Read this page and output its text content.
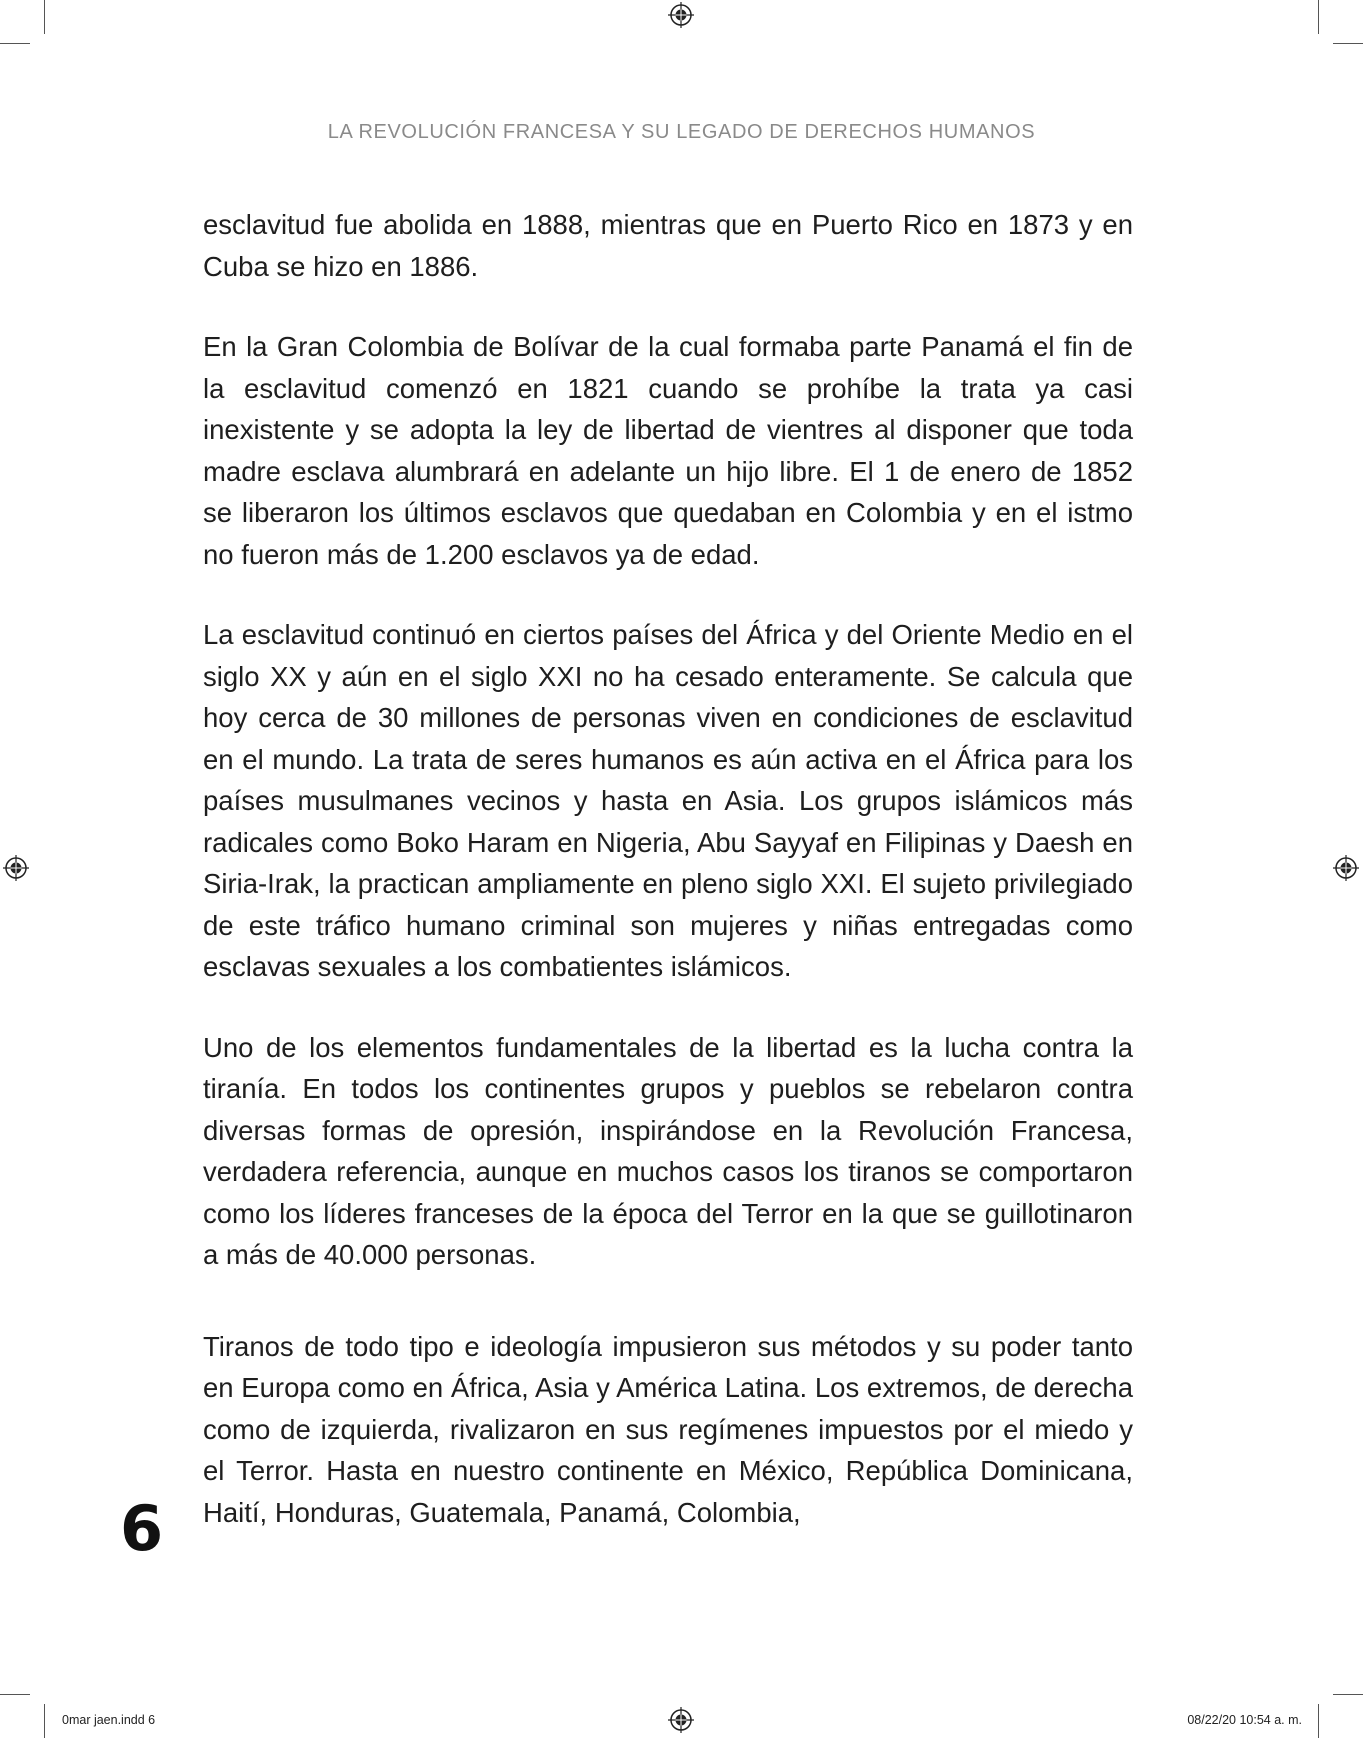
LA REVOLUCIÓN FRANCESA Y SU LEGADO DE DERECHOS HUMANOS

esclavitud fue abolida en 1888, mientras que en Puerto Rico en 1873 y en Cuba se hizo en 1886.

En la Gran Colombia de Bolívar de la cual formaba parte Panamá el fin de la esclavitud comenzó en 1821 cuando se prohíbe la trata ya casi inexistente y se adopta la ley de libertad de vientres al disponer que toda madre esclava alumbrará en adelante un hijo libre. El 1 de enero de 1852 se liberaron los últimos esclavos que quedaban en Colombia y en el istmo no fueron más de 1.200 esclavos ya de edad.

La esclavitud continuó en ciertos países del África y del Oriente Medio en el siglo XX y aún en el siglo XXI no ha cesado enteramente. Se calcula que hoy cerca de 30 millones de personas viven en condiciones de esclavitud en el mundo. La trata de seres humanos es aún activa en el África para los países musulmanes vecinos y hasta en Asia. Los grupos islámicos más radicales como Boko Haram en Nigeria, Abu Sayyaf en Filipinas y Daesh en Siria-Irak, la practican ampliamente en pleno siglo XXI. El sujeto privilegiado de este tráfico humano criminal son mujeres y niñas entregadas como esclavas sexuales a los combatientes islámicos.

Uno de los elementos fundamentales de la libertad es la lucha contra la tiranía. En todos los continentes grupos y pueblos se rebelaron contra diversas formas de opresión, inspirándose en la Revolución Francesa, verdadera referencia, aunque en muchos casos los tiranos se comportaron como los líderes franceses de la época del Terror en la que se guillotinaron a más de 40.000 personas.

Tiranos de todo tipo e ideología impusieron sus métodos y su poder tanto en Europa como en África, Asia y América Latina. Los extremos, de derecha como de izquierda, rivalizaron en sus regímenes impuestos por el miedo y el Terror. Hasta en nuestro continente en México, República Dominicana, Haití, Honduras, Guatemala, Panamá, Colombia,

6
0mar jaen.indd 6	08/22/20 10:54 a. m.
